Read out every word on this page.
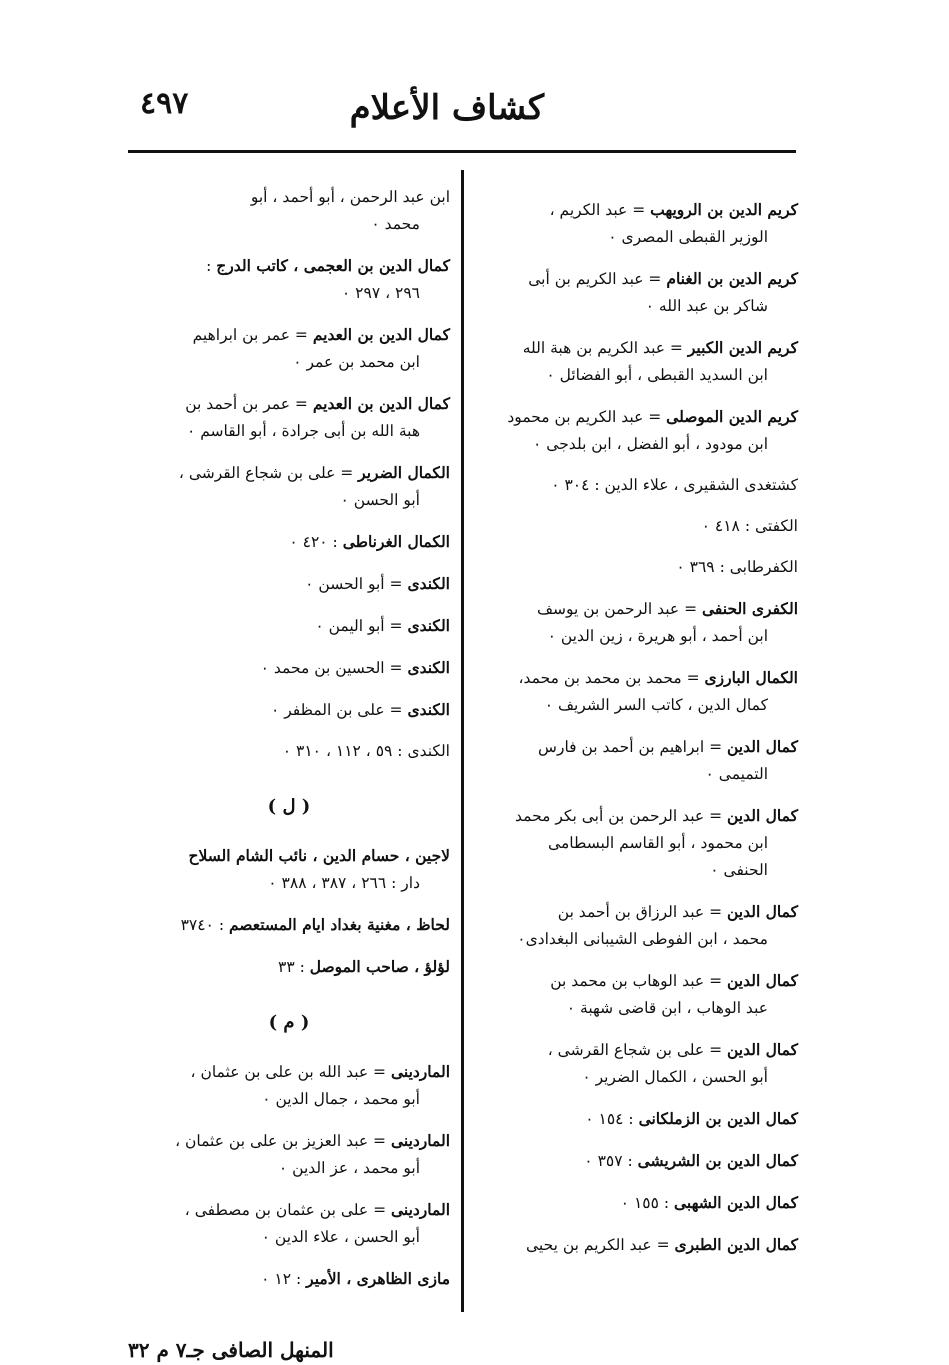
كشاف الأعلام
٤٩٧
كريم الدين بن الرويهب = عبد الكريم ،
الوزير القبطى المصرى ٠
كريم الدين بن الغنام = عبد الكريم بن أبى
شاكر بن عبد الله ٠
كريم الدين الكبير = عبد الكريم بن هبة الله
ابن السديد القبطى ، أبو الفضائل ٠
كريم الدين الموصلى = عبد الكريم بن محمود
ابن مودود ، أبو الفضل ، ابن بلدجى ٠
كشتغدى الشقيرى ، علاء الدين : ٣٠٤ ٠
الكفتى : ٤١٨ ٠
الكفرطابى : ٣٦٩ ٠
الكفرى الحنفى = عبد الرحمن بن يوسف
ابن أحمد ، أبو هريرة ، زين الدين ٠
الكمال البارزى = محمد بن محمد بن محمد،
كمال الدين ، كاتب السر الشريف ٠
كمال الدين = ابراهيم بن أحمد بن فارس
التميمى ٠
كمال الدين = عبد الرحمن بن أبى بكر محمد
ابن محمود ، أبو القاسم البسطامى
الحنفى ٠
كمال الدين = عبد الرزاق بن أحمد بن
محمد ، ابن الفوطى الشيبانى البغدادى٠
كمال الدين = عبد الوهاب بن محمد بن
عبد الوهاب ، ابن قاضى شهبة ٠
كمال الدين = على بن شجاع القرشى ،
أبو الحسن ، الكمال الضرير ٠
كمال الدين بن الزملكانى : ١٥٤ ٠
كمال الدين بن الشريشى : ٣٥٧ ٠
كمال الدين الشهبى : ١٥٥ ٠
كمال الدين الطبرى = عبد الكريم بن يحيى
ابن عبد الرحمن ، أبو أحمد ، أبو
محمد ٠
كمال الدين بن العجمى ، كاتب الدرج :
٢٩٦ ، ٢٩٧ ٠
كمال الدين بن العديم = عمر بن ابراهيم
ابن محمد بن عمر ٠
كمال الدين بن العديم = عمر بن أحمد بن
هبة الله بن أبى جرادة ، أبو القاسم ٠
الكمال الضرير = على بن شجاع القرشى ،
أبو الحسن ٠
الكمال الغرناطى : ٤٢٠ ٠
الكندى = أبو الحسن ٠
الكندى = أبو اليمن ٠
الكندى = الحسين بن محمد ٠
الكندى = على بن المظفر ٠
الكندى : ٥٩ ، ١١٢ ، ٣١٠ ٠
( ل )
لاجين ، حسام الدين ، نائب الشام السلاح
دار : ٢٦٦ ، ٣٨٧ ، ٣٨٨ ٠
لحاظ ، مغنية بغداد ايام المستعصم : ٣٧٤٠
لؤلؤ ، صاحب الموصل : ٣٣
( م )
الماردينى = عبد الله بن على بن عثمان ،
أبو محمد ، جمال الدين ٠
الماردينى = عبد العزيز بن على بن عثمان ،
أبو محمد ، عز الدين ٠
الماردينى = على بن عثمان بن مصطفى ،
أبو الحسن ، علاء الدين ٠
مازى الظاهرى ، الأمير : ١٢ ٠
المنهل الصافى جـ٧ م ٣٢
